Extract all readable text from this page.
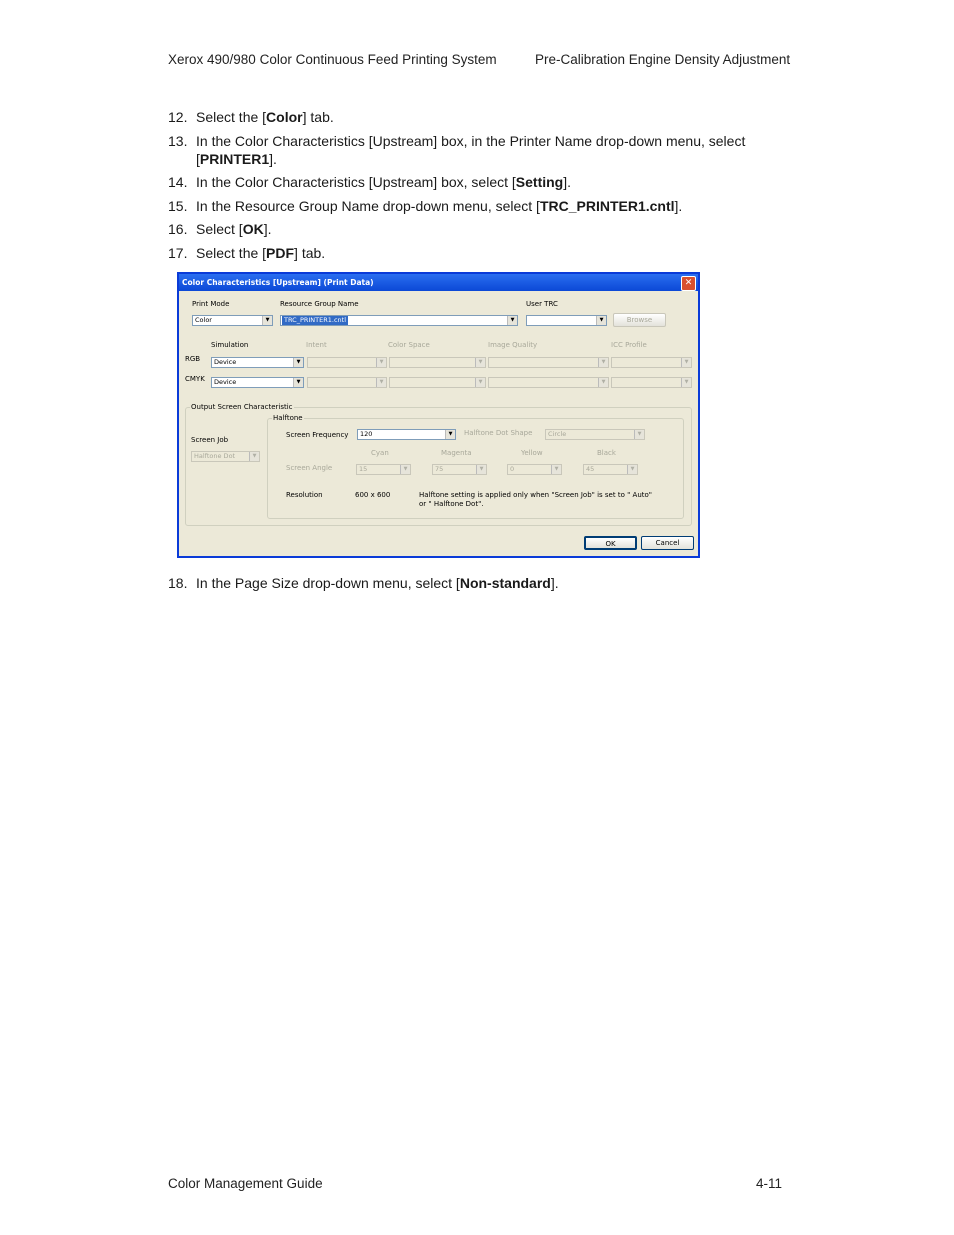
Xerox 490/980 Color Continuous Feed Printing System	Pre-Calibration Engine Density Adjustment
12. Select the [Color] tab.
13. In the Color Characteristics [Upstream] box, in the Printer Name drop-down menu, select [PRINTER1].
14. In the Color Characteristics [Upstream] box, select [Setting].
15. In the Resource Group Name drop-down menu, select [TRC_PRINTER1.cntl].
16. Select [OK].
17. Select the [PDF] tab.
Color Characteristics [Upstream] (Print Data)	✕
Print Mode	Resource Group Name	User TRC
Color	▼	TRC_PRINTER1.cntl	▼	▼	Browse
Simulation	Intent	Color Space	Image Quality	ICC Profile
RGB	Device	▼	▼	▼	▼	▼
CMYK	Device	▼	▼	▼	▼	▼
Output Screen Characteristic
Halftone
Screen Job
Halftone Dot	▼
Screen Frequency	120	▼	Halftone Dot Shape	Circle	▼
Cyan	Magenta	Yellow	Black
Screen Angle	15	▼	75	▼	0	▼	45	▼
Resolution	600 x 600	Halftone setting is applied only when "Screen Job" is set to " Auto"
or " Halftone Dot".
OK	Cancel
18. In the Page Size drop-down menu, select [Non-standard].
Color Management Guide	4-11
